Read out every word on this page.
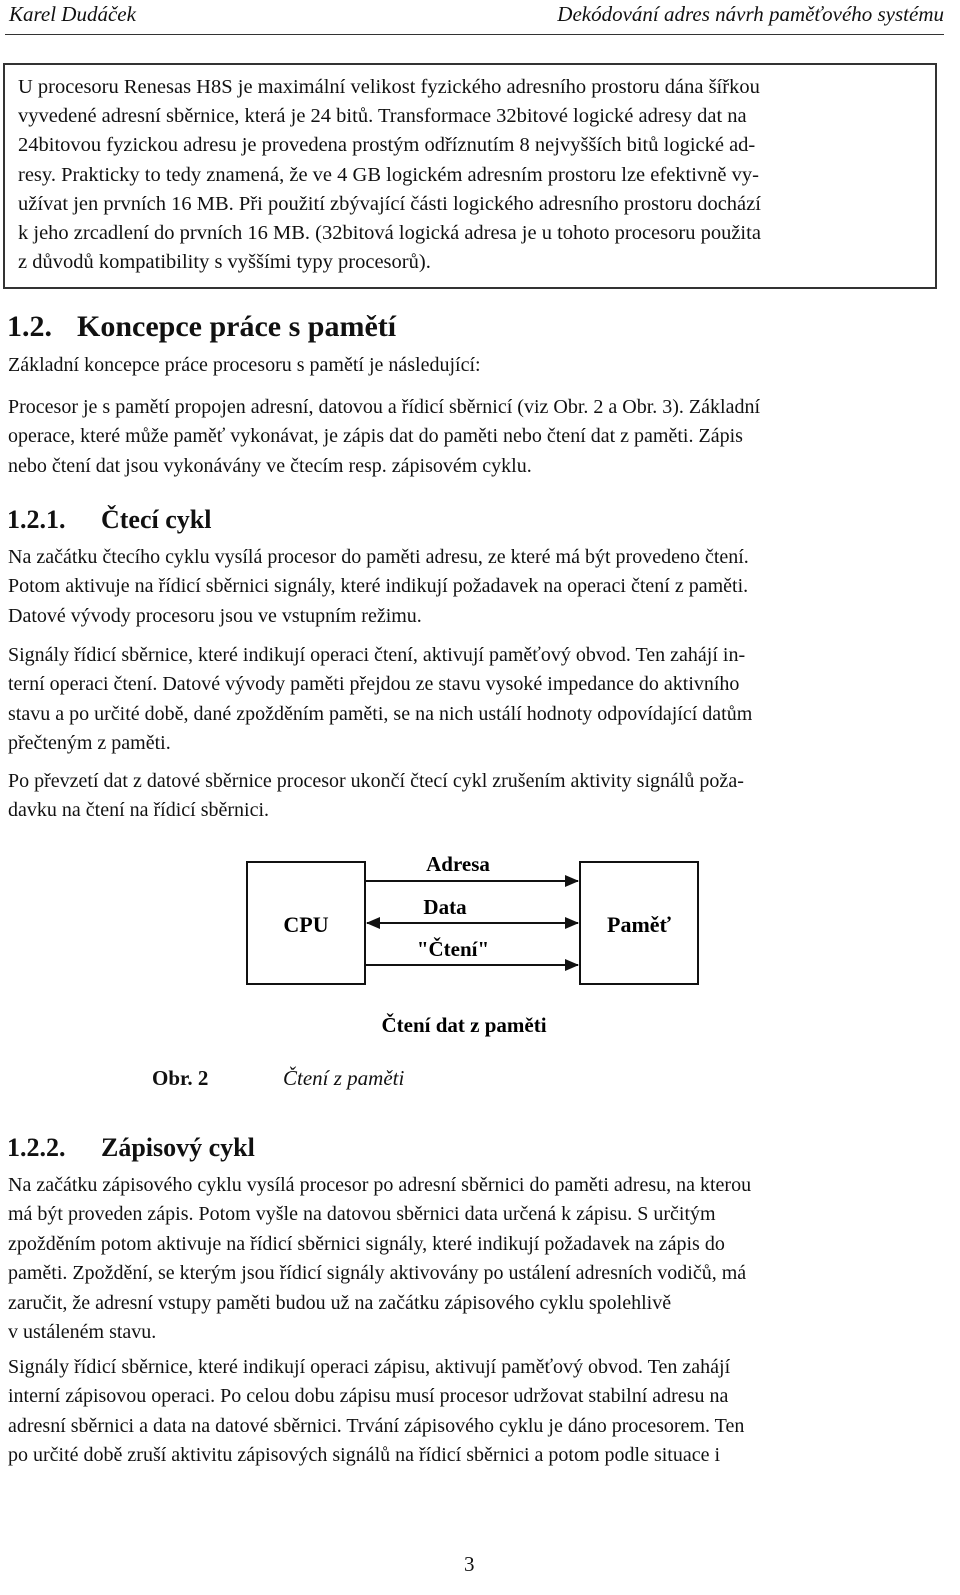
Karel Dudáček	Dekódování adres návrh paměťového systému

U procesoru Renesas H8S je maximální velikost fyzického adresního prostoru dána šířkou
vyvedené adresní sběrnice, která je 24 bitů. Transformace 32bitové logické adresy dat na
24bitovou fyzickou adresu je provedena prostým odříznutím 8 nejvyšších bitů logické ad-
resy. Prakticky to tedy znamená, že ve 4 GB logickém adresním prostoru lze efektivně vy-
užívat jen prvních 16 MB. Při použití zbývající části logického adresního prostoru dochází
k jeho zrcadlení do prvních 16 MB. (32bitová logická adresa je u tohoto procesoru použita
z důvodů kompatibility s vyššími typy procesorů).

1.2. Koncepce práce s pamětí

Základní koncepce práce procesoru s pamětí je následující:

Procesor je s pamětí propojen adresní, datovou a řídicí sběrnicí (viz Obr. 2 a Obr. 3). Základní
operace, které může paměť vykonávat, je zápis dat do paměti nebo čtení dat z paměti. Zápis
nebo čtení dat jsou vykonávány ve čtecím resp. zápisovém cyklu.

1.2.1. Čtecí cykl

Na začátku čtecího cyklu vysílá procesor do paměti adresu, ze které má být provedeno čtení.
Potom aktivuje na řídicí sběrnici signály, které indikují požadavek na operaci čtení z paměti.
Datové vývody procesoru jsou ve vstupním režimu.

Signály řídicí sběrnice, které indikují operaci čtení, aktivují paměťový obvod. Ten zahájí in-
terní operaci čtení. Datové vývody paměti přejdou ze stavu vysoké impedance do aktivního
stavu a po určité době, dané zpožděním paměti, se na nich ustálí hodnoty odpovídající datům
přečteným z paměti.

Po převzetí dat z datové sběrnice procesor ukončí čtecí cykl zrušením aktivity signálů poža-
davku na čtení na řídicí sběrnici.

CPU	Paměť
Adresa
Data
"Čtení"
Čtení dat z paměti
Obr. 2	Čtení z paměti
1.2.2. Zápisový cykl

Na začátku zápisového cyklu vysílá procesor po adresní sběrnici do paměti adresu, na kterou
má být proveden zápis. Potom vyšle na datovou sběrnici data určená k zápisu. S určitým
zpožděním potom aktivuje na řídicí sběrnici signály, které indikují požadavek na zápis do
paměti. Zpoždění, se kterým jsou řídicí signály aktivovány po ustálení adresních vodičů, má
zaručit, že adresní vstupy paměti budou už na začátku zápisového cyklu spolehlivě
v ustáleném stavu.

Signály řídicí sběrnice, které indikují operaci zápisu, aktivují paměťový obvod. Ten zahájí
interní zápisovou operaci. Po celou dobu zápisu musí procesor udržovat stabilní adresu na
adresní sběrnici a data na datové sběrnici. Trvání zápisového cyklu je dáno procesorem. Ten
po určité době zruší aktivitu zápisových signálů na řídicí sběrnici a potom podle situace i

3
